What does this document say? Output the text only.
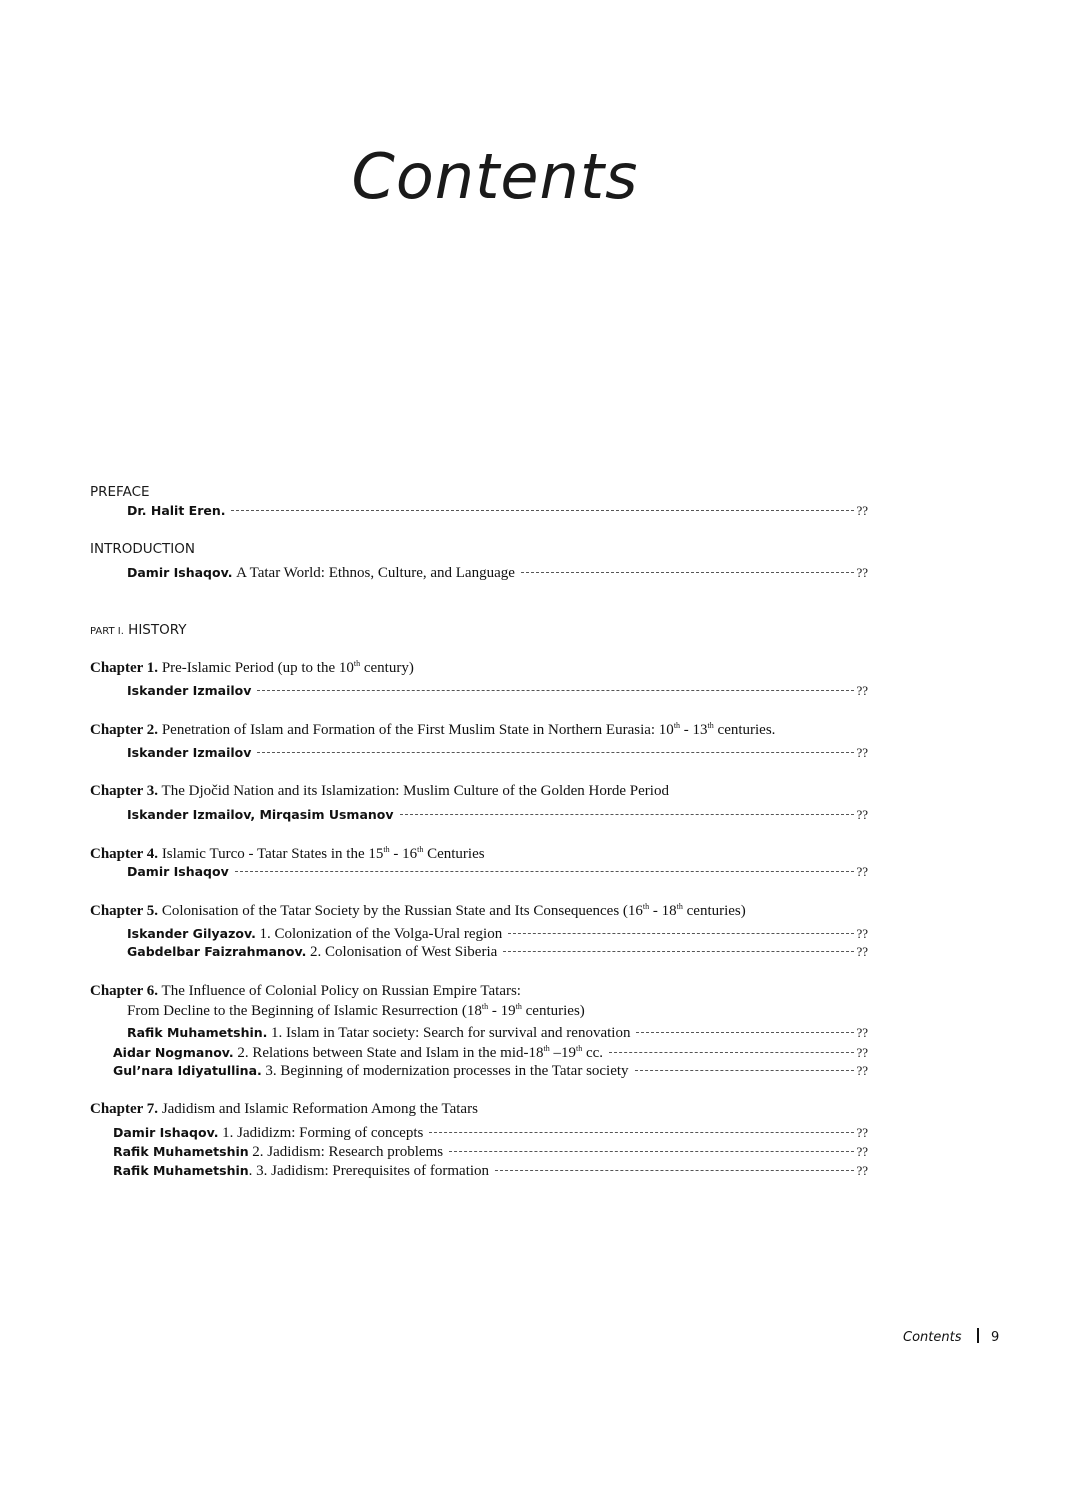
Contents
PREFACE
Dr. Halit Eren.	??
INTRODUCTION
Damir Ishaqov.
A Tatar World: Ethnos, Culture, and Language	??
PART I. HISTORY
Chapter 1. Pre-Islamic Period (up to the 10th century)
Iskander Izmailov	??
Chapter 2. Penetration of Islam and Formation of the First Muslim State in Northern Eurasia: 10th - 13th centuries.
Iskander Izmailov	??
Chapter 3. The Djočid Nation and its Islamization: Muslim Culture of the Golden Horde Period
Iskander Izmailov, Mirqasim Usmanov	??
Chapter 4. Islamic Turco - Tatar States in the 15th - 16th Centuries
Damir Ishaqov	??
Chapter 5. Colonisation of the Tatar Society by the Russian State and Its Consequences (16th - 18th centuries)
Iskander Gilyazov.
1. Colonization of the Volga-Ural region	??
Gabdelbar Faizrahmanov.
2. Colonisation of West Siberia	??
Chapter 6. The Influence of Colonial Policy on Russian Empire Tatars:
From Decline to the Beginning of Islamic Resurrection (18th - 19th centuries)
Rafik Muhametshin.
1. Islam in Tatar society: Search for survival and renovation	??
Aidar Nogmanov.
2. Relations between State and Islam in the mid-18th –19th cc.	??
Gul’nara Idiyatullina.
3. Beginning of modernization processes in the Tatar society	??
Chapter 7. Jadidism and Islamic Reformation Among the Tatars
Damir Ishaqov.
1. Jadidizm: Forming of concepts	??
Rafik Muhametshin
2. Jadidism: Research problems	??
Rafik Muhametshin . 3. Jadidism: Prerequisites of formation	??
Contents 9
